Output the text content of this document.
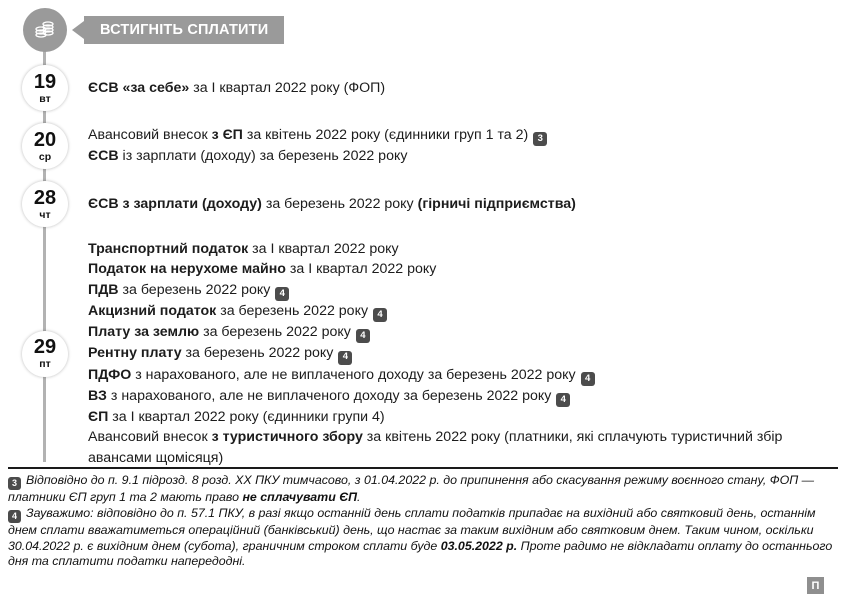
ВСТИГНІТЬ СПЛАТИТИ
19
вт
ЄСВ «за себе» за І квартал 2022 року (ФОП)
20
ср
Авансовий внесок з ЄП за квітень 2022 року (єдинники груп 1 та 2) 3
ЄСВ із зарплати (доходу) за березень 2022 року
28
чт
ЄСВ з зарплати (доходу) за березень 2022 року (гірничі підприємства)
29
пт
Транспортний податок за І квартал 2022 року
Податок на нерухоме майно за І квартал 2022 року
ПДВ за березень 2022 року 4
Акцизний податок за березень 2022 року 4
Плату за землю за березень 2022 року 4
Рентну плату за березень 2022 року 4
ПДФО з нарахованого, але не виплаченого доходу за березень 2022 року 4
ВЗ з нарахованого, але не виплаченого доходу за березень 2022 року 4
ЄП за І квартал 2022 року (єдинники групи 4)
Авансовий внесок з туристичного збору за квітень 2022 року (платники, які сплачують туристичний збір авансами щомісяця)

3 Відповідно до п. 9.1 підрозд. 8 розд. ХХ ПКУ тимчасово, з 01.04.2022 р. до припинення або скасування режиму воєнного стану, ФОП — платники ЄП груп 1 та 2 мають право не сплачувати ЄП.

4 Зауважимо: відповідно до п. 57.1 ПКУ, в разі якщо останній день сплати податків припадає на вихідний або святковий день, останнім днем сплати вважатиметься операційний (банківський) день, що настає за таким вихідним або святковим днем. Таким чином, оскільки 30.04.2022 р. є вихідним днем (субота), граничним строком сплати буде 03.05.2022 р. Проте радимо не відкладати оплату до останнього дня та сплатити податки напередодні.

П
